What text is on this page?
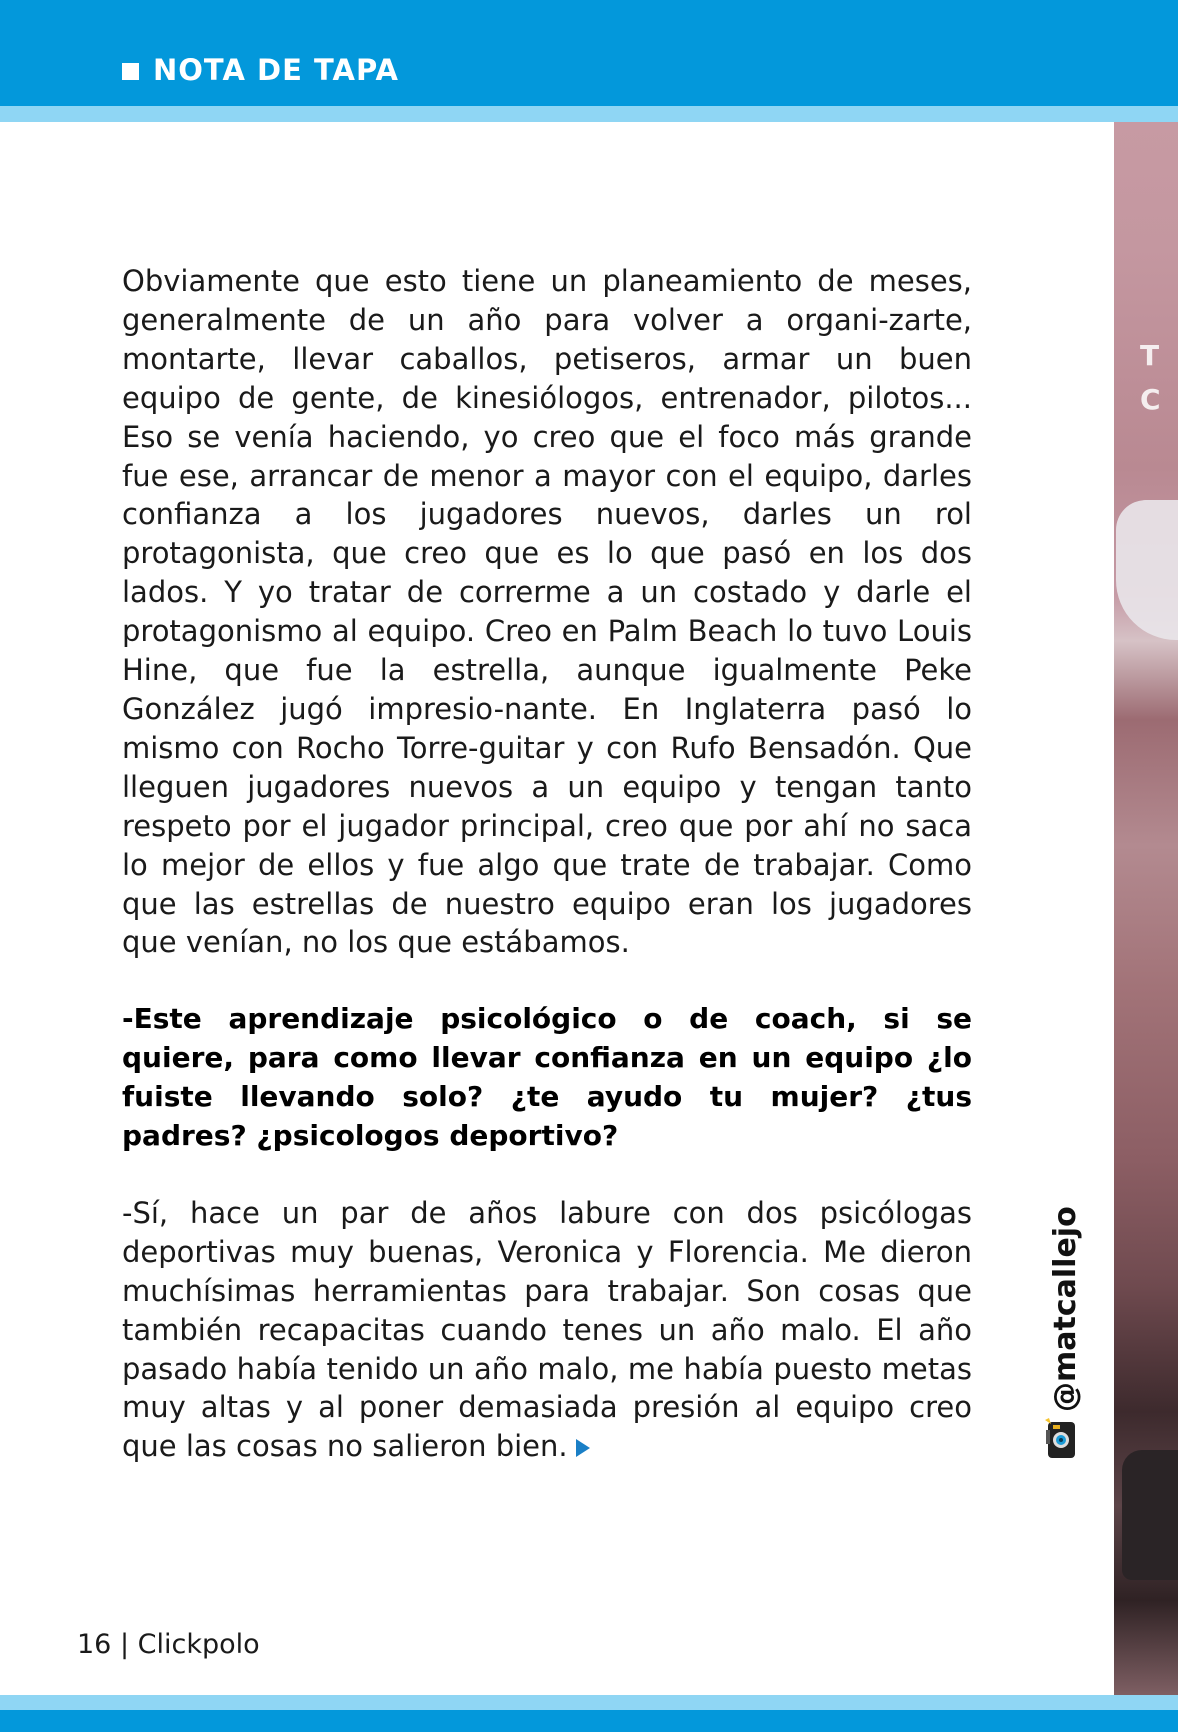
NOTA DE TAPA
T
C
@matcallejo

Obviamente que esto tiene un planeamiento de meses, generalmente de un año para volver a organi-zarte, montarte, llevar caballos, petiseros, armar un buen equipo de gente, de kinesiólogos, entrenador, pilotos... Eso se venía haciendo, yo creo que el foco más grande fue ese, arrancar de menor a mayor con el equipo, darles confianza a los jugadores nuevos, darles un rol protagonista, que creo que es lo que pasó en los dos lados. Y yo tratar de correrme a un costado y darle el protagonismo al equipo. Creo en Palm Beach lo tuvo Louis Hine, que fue la estrella, aunque igualmente Peke González jugó impresio-nante. En Inglaterra pasó lo mismo con Rocho Torre-guitar y con Rufo Bensadón. Que lleguen jugadores nuevos a un equipo y tengan tanto respeto por el jugador principal, creo que por ahí no saca lo mejor de ellos y fue algo que trate de trabajar. Como que las estrellas de nuestro equipo eran los jugadores que venían, no los que estábamos.

-Este aprendizaje psicológico o de coach, si se quiere, para como llevar confianza en un equipo ¿lo fuiste llevando solo? ¿te ayudo tu mujer? ¿tus padres? ¿psicologos deportivo?

-Sí, hace un par de años labure con dos psicólogas deportivas muy buenas, Veronica y Florencia. Me dieron muchísimas herramientas para trabajar. Son cosas que también recapacitas cuando tenes un año malo. El año pasado había tenido un año malo, me había puesto metas muy altas y al poner demasiada presión al equipo creo que las cosas no salieron bien.

16 | Clickpolo
